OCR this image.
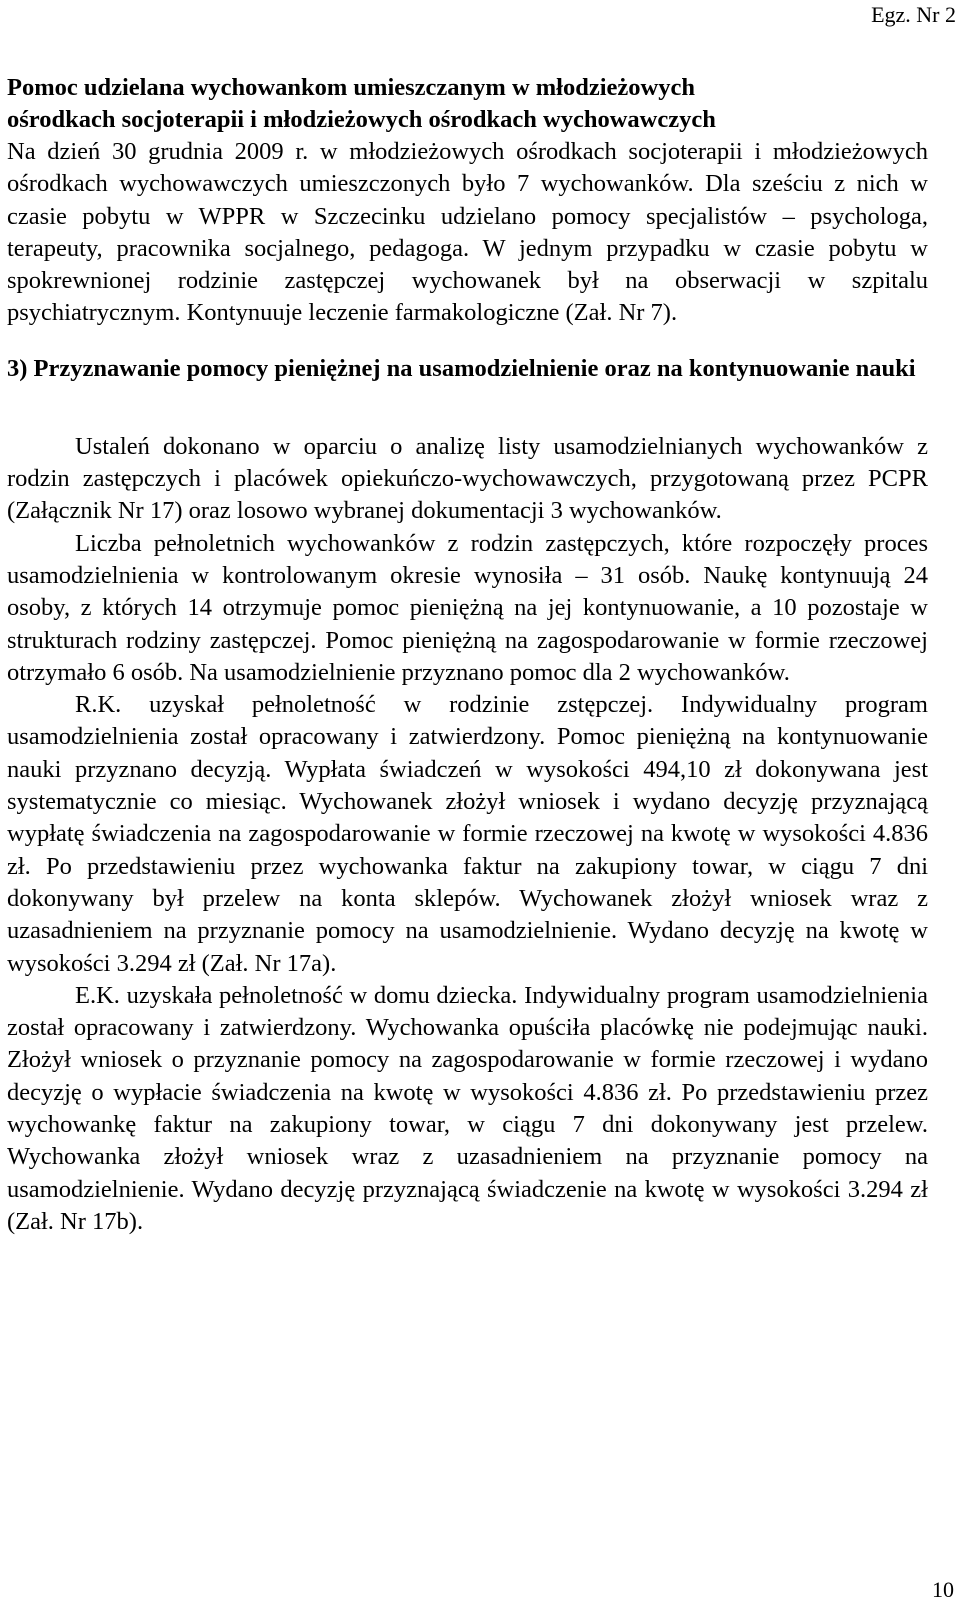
Egz. Nr 2

Pomoc udzielana wychowankom umieszczanym w młodzieżowych

ośrodkach socjoterapii i młodzieżowych ośrodkach wychowawczych

Na dzień 30 grudnia 2009 r. w młodzieżowych ośrodkach socjoterapii i młodzieżowych ośrodkach wychowawczych umieszczonych było 7 wychowanków. Dla sześciu z nich w czasie pobytu w WPPR w Szczecinku udzielano pomocy specjalistów – psychologa, terapeuty, pracownika socjalnego, pedagoga. W jednym przypadku w czasie pobytu w spokrewnionej rodzinie zastępczej wychowanek był na obserwacji w szpitalu psychiatrycznym. Kontynuuje leczenie farmakologiczne (Zał. Nr 7).

3) Przyznawanie pomocy pieniężnej na usamodzielnienie oraz na kontynuowanie nauki

Ustaleń dokonano w oparciu o analizę listy usamodzielnianych wychowanków z rodzin zastępczych i placówek opiekuńczo-wychowawczych, przygotowaną przez PCPR (Załącznik Nr 17) oraz losowo wybranej dokumentacji 3 wychowanków.

Liczba pełnoletnich wychowanków z rodzin zastępczych, które rozpoczęły proces usamodzielnienia w kontrolowanym okresie wynosiła – 31 osób. Naukę kontynuują 24 osoby, z których 14 otrzymuje pomoc pieniężną na jej kontynuowanie, a 10 pozostaje w strukturach rodziny zastępczej. Pomoc pieniężną na zagospodarowanie w formie rzeczowej otrzymało 6 osób. Na usamodzielnienie przyznano pomoc dla 2 wychowanków.

R.K. uzyskał pełnoletność w rodzinie zstępczej. Indywidualny program usamodzielnienia został opracowany i zatwierdzony. Pomoc pieniężną na kontynuowanie nauki przyznano decyzją. Wypłata świadczeń w wysokości 494,10 zł dokonywana jest systematycznie co miesiąc. Wychowanek złożył wniosek i wydano decyzję przyznającą wypłatę świadczenia na zagospodarowanie w formie rzeczowej na kwotę w wysokości 4.836 zł. Po przedstawieniu przez wychowanka faktur na zakupiony towar, w ciągu 7 dni dokonywany był przelew na konta sklepów. Wychowanek złożył wniosek wraz z uzasadnieniem na przyznanie pomocy na usamodzielnienie. Wydano decyzję na kwotę w wysokości 3.294 zł (Zał. Nr 17a).

E.K. uzyskała pełnoletność w domu dziecka. Indywidualny program usamodzielnienia został opracowany i zatwierdzony. Wychowanka opuściła placówkę nie podejmując nauki. Złożył wniosek o przyznanie pomocy na zagospodarowanie w formie rzeczowej i wydano decyzję o wypłacie świadczenia na kwotę w wysokości 4.836 zł. Po przedstawieniu przez wychowankę faktur na zakupiony towar, w ciągu 7 dni dokonywany jest przelew. Wychowanka złożył wniosek wraz z uzasadnieniem na przyznanie pomocy na usamodzielnienie. Wydano decyzję przyznającą świadczenie na kwotę w wysokości 3.294 zł (Zał. Nr 17b).

10
